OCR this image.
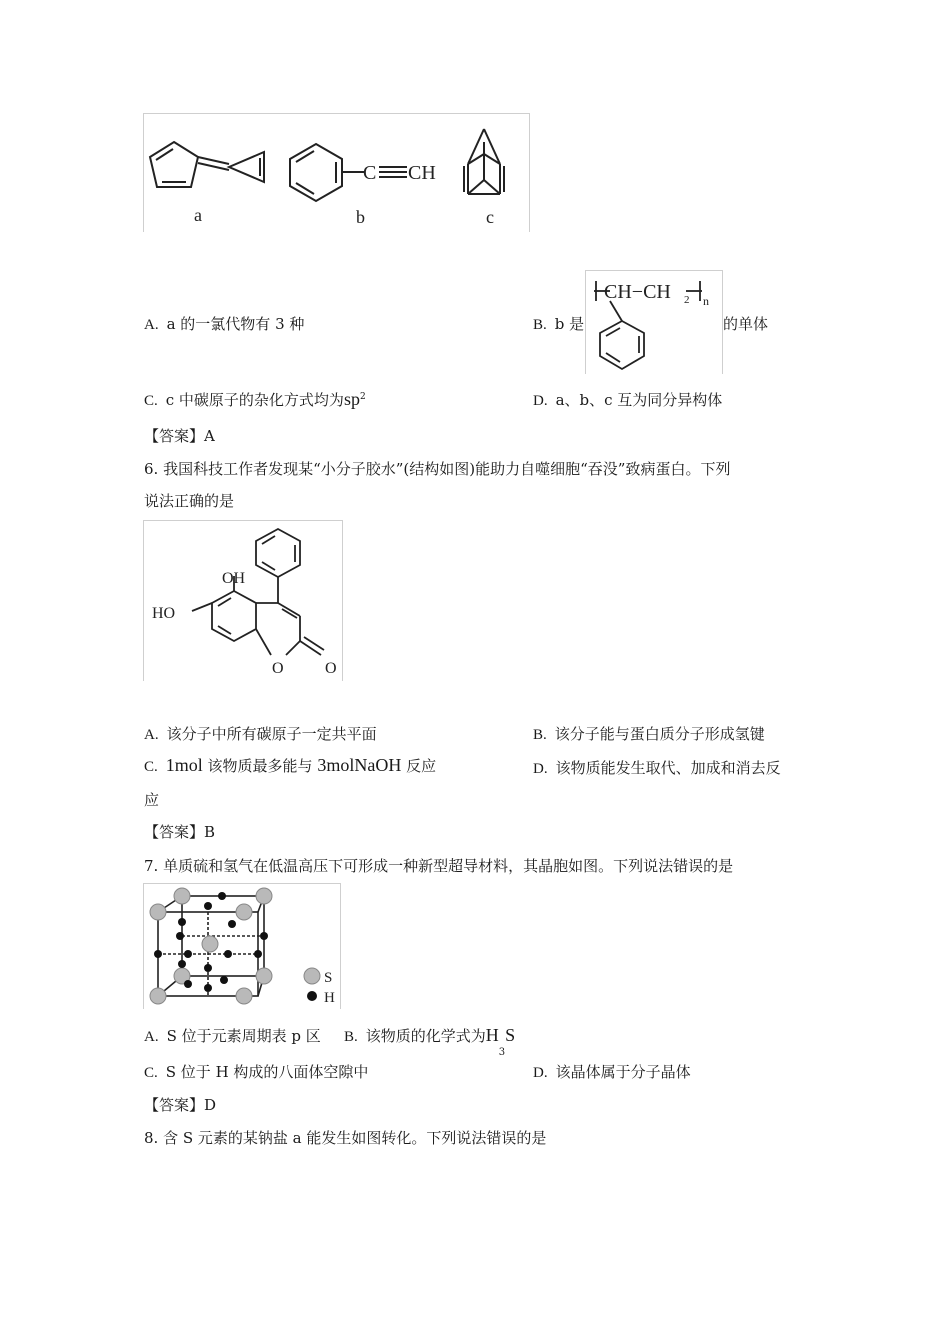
a
C CH
b	c
A. a 的一氯代物有 3 种	B. b 是
CH−CH 2 n
的单体
C. c 中碳原子的杂化方式均为$sp^2$	D. a、b、c 互为同分异构体
【答案】A
6. 我国科技工作者发现某“小分子胶水”(结构如图)能助力自噬细胞“吞没”致病蛋白。下列
说法正确的是
OH
HO
O	O
A. 该分子中所有碳原子一定共平面	B. 该分子能与蛋白质分子形成氢键
C. 1mol 该物质最多能与 3molNaOH 反应	D. 该物质能发生取代、加成和消去反
应
【答案】B
7. 单质硫和氢气在低温高压下可形成一种新型超导材料，其晶胞如图。下列说法错误的是
S
H
A. S 位于元素周期表 p 区 B. 该物质的化学式为$H_3S$
C. S 位于 H 构成的八面体空隙中	D. 该晶体属于分子晶体
【答案】D
8. 含 S 元素的某钠盐 a 能发生如图转化。下列说法错误的是
